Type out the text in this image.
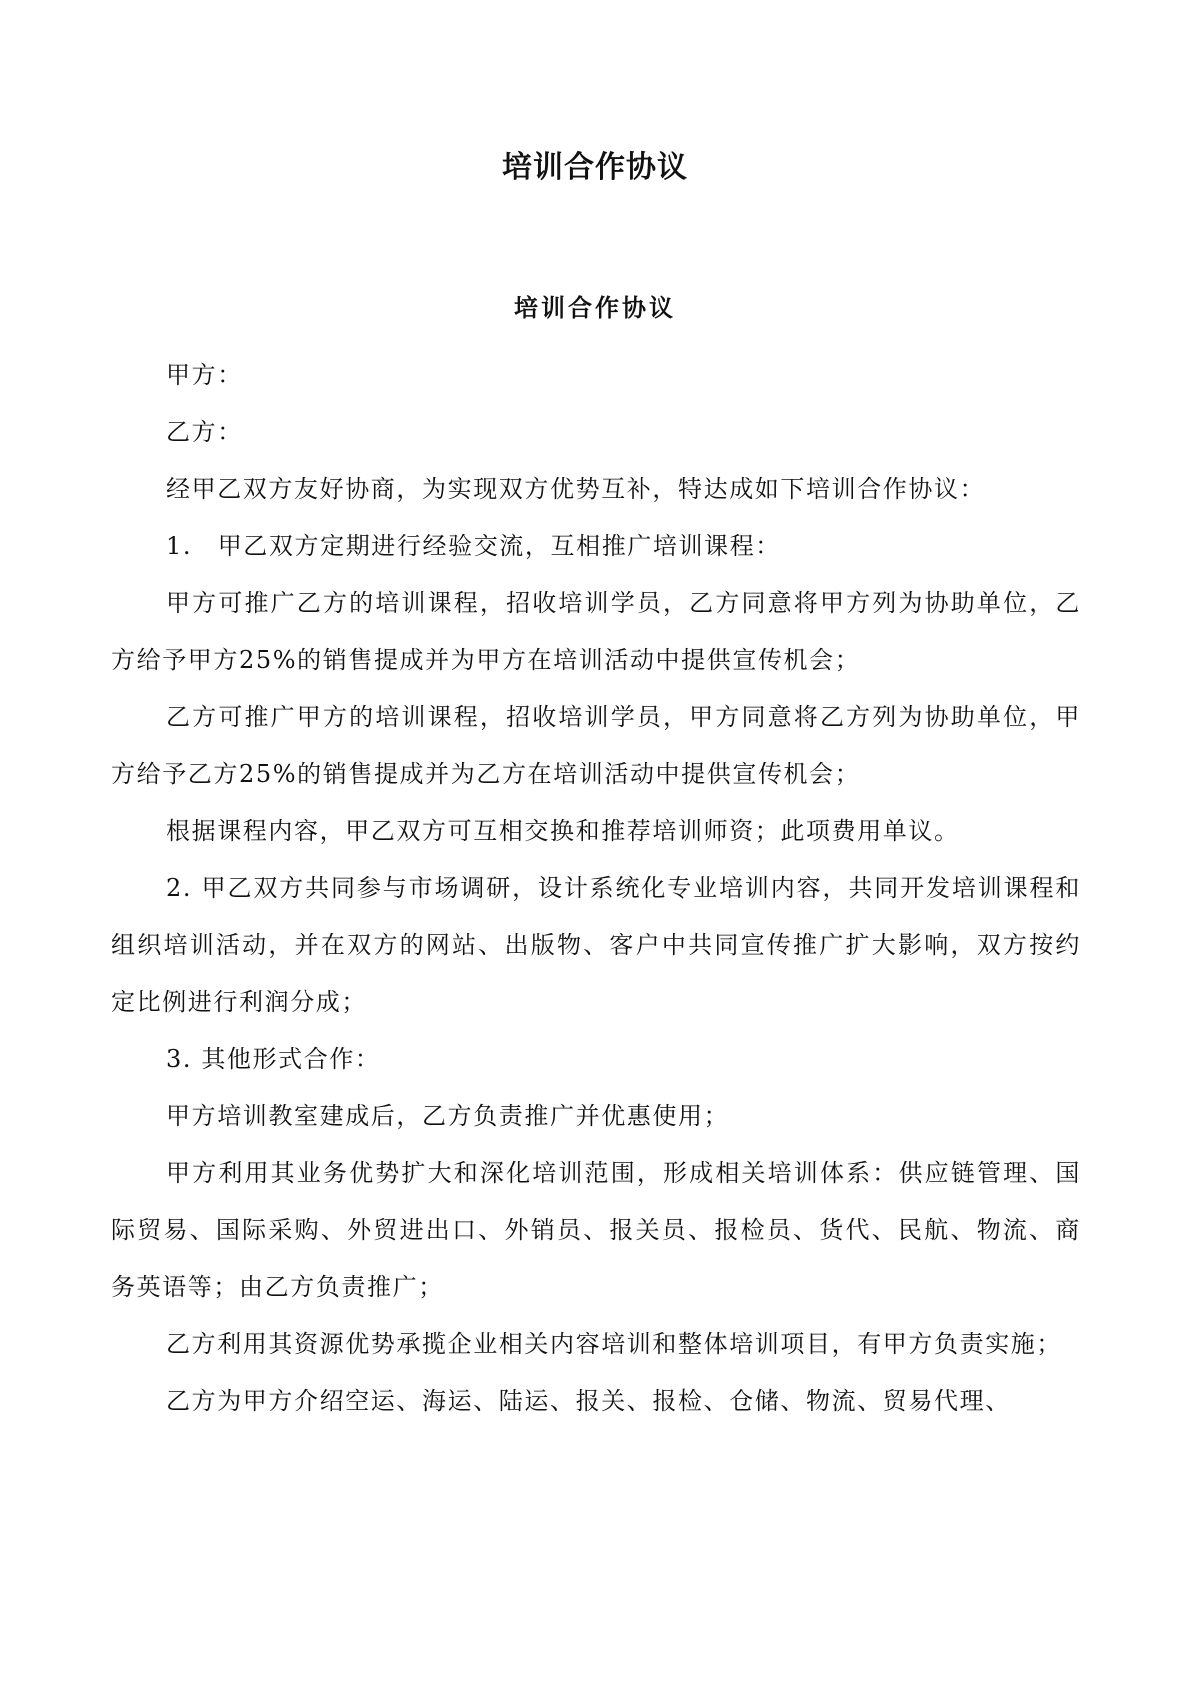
培训合作协议
培训合作协议

甲方：

乙方：

经甲乙双方友好协商，为实现双方优势互补，特达成如下培训合作协议：

1.　甲乙双方定期进行经验交流，互相推广培训课程：

甲方可推广乙方的培训课程，招收培训学员，乙方同意将甲方列为协助单位，乙方给予甲方25%的销售提成并为甲方在培训活动中提供宣传机会；

乙方可推广甲方的培训课程，招收培训学员，甲方同意将乙方列为协助单位，甲方给予乙方25%的销售提成并为乙方在培训活动中提供宣传机会；

根据课程内容，甲乙双方可互相交换和推荐培训师资；此项费用单议。

2. 甲乙双方共同参与市场调研，设计系统化专业培训内容，共同开发培训课程和组织培训活动，并在双方的网站、出版物、客户中共同宣传推广扩大影响，双方按约定比例进行利润分成；

3. 其他形式合作：

甲方培训教室建成后，乙方负责推广并优惠使用；

甲方利用其业务优势扩大和深化培训范围，形成相关培训体系：供应链管理、国际贸易、国际采购、外贸进出口、外销员、报关员、报检员、货代、民航、物流、商务英语等；由乙方负责推广；

乙方利用其资源优势承揽企业相关内容培训和整体培训项目，有甲方负责实施；

乙方为甲方介绍空运、海运、陆运、报关、报检、仓储、物流、贸易代理、
